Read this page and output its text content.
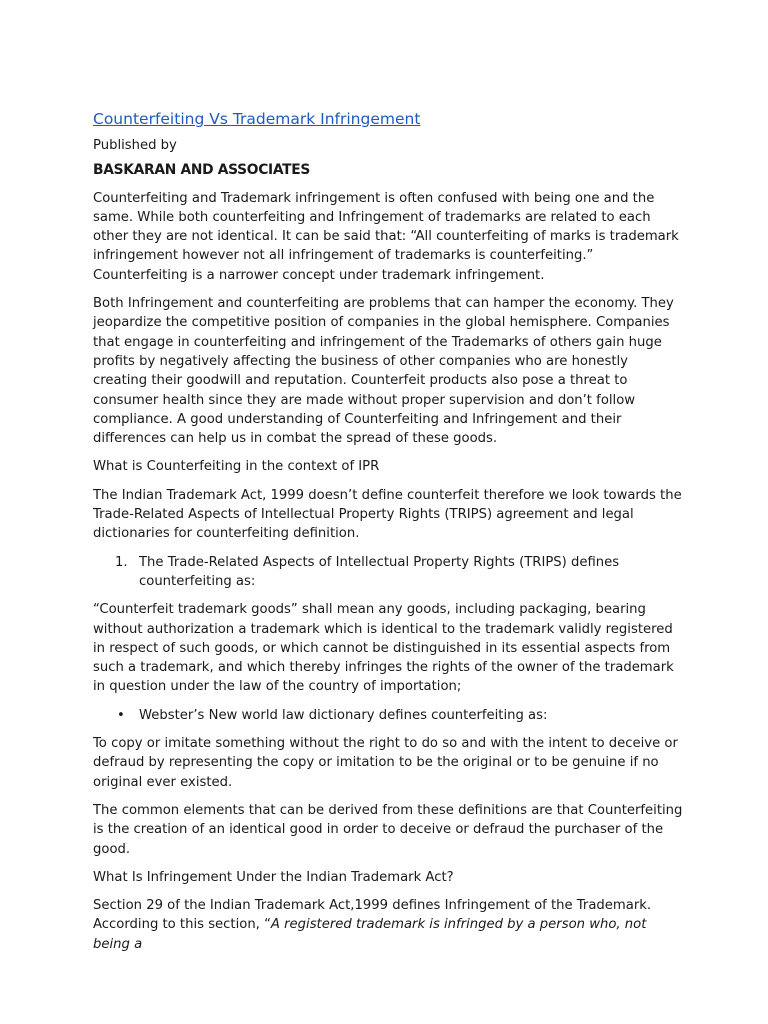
Counterfeiting Vs Trademark Infringement
Published by
BASKARAN AND ASSOCIATES

Counterfeiting and Trademark infringement is often confused with being one and the same. While both counterfeiting and Infringement of trademarks are related to each other they are not identical. It can be said that: “All counterfeiting of marks is trademark infringement however not all infringement of trademarks is counterfeiting.” Counterfeiting is a narrower concept under trademark infringement.

Both Infringement and counterfeiting are problems that can hamper the economy. They jeopardize the competitive position of companies in the global hemisphere. Companies that engage in counterfeiting and infringement of the Trademarks of others gain huge profits by negatively affecting the business of other companies who are honestly creating their goodwill and reputation. Counterfeit products also pose a threat to consumer health since they are made without proper supervision and don’t follow compliance. A good understanding of Counterfeiting and Infringement and their differences can help us in combat the spread of these goods.

What is Counterfeiting in the context of IPR

The Indian Trademark Act, 1999 doesn’t define counterfeit therefore we look towards the Trade-Related Aspects of Intellectual Property Rights (TRIPS) agreement and legal dictionaries for counterfeiting definition.

1. The Trade-Related Aspects of Intellectual Property Rights (TRIPS) defines counterfeiting as:

“Counterfeit trademark goods” shall mean any goods, including packaging, bearing without authorization a trademark which is identical to the trademark validly registered in respect of such goods, or which cannot be distinguished in its essential aspects from such a trademark, and which thereby infringes the rights of the owner of the trademark in question under the law of the country of importation;

•	Webster’s New world law dictionary defines counterfeiting as:

To copy or imitate something without the right to do so and with the intent to deceive or defraud by representing the copy or imitation to be the original or to be genuine if no original ever existed.

The common elements that can be derived from these definitions are that Counterfeiting is the creation of an identical good in order to deceive or defraud the purchaser of the good.

What Is Infringement Under the Indian Trademark Act?

Section 29 of the Indian Trademark Act,1999 defines Infringement of the Trademark. According to this section, “A registered trademark is infringed by a person who, not being a
